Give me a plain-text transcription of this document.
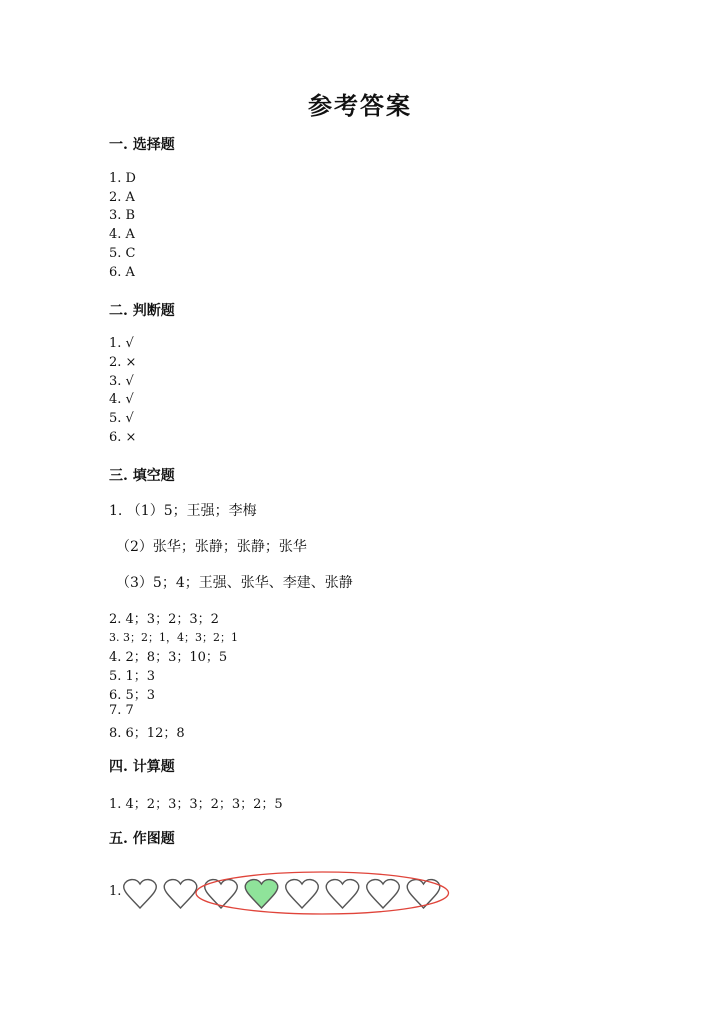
参考答案
一. 选择题
1. D
2. A
3. B
4. A
5. C
6. A
二. 判断题
1. √
2. ×
3. √
4. √
5. √
6. ×
三. 填空题
1. （1）5；王强；李梅
（2）张华；张静；张静；张华
（3）5；4；王强、张华、李建、张静
2. 4；3；2；3；2
3. 3；2；1，4；3；2；1
4. 2；8；3；10；5
5. 1；3
6. 5；3
7. 7
8. 6；12；8
四. 计算题
1. 4；2；3；3；2；3；2；5
五. 作图题
1.
